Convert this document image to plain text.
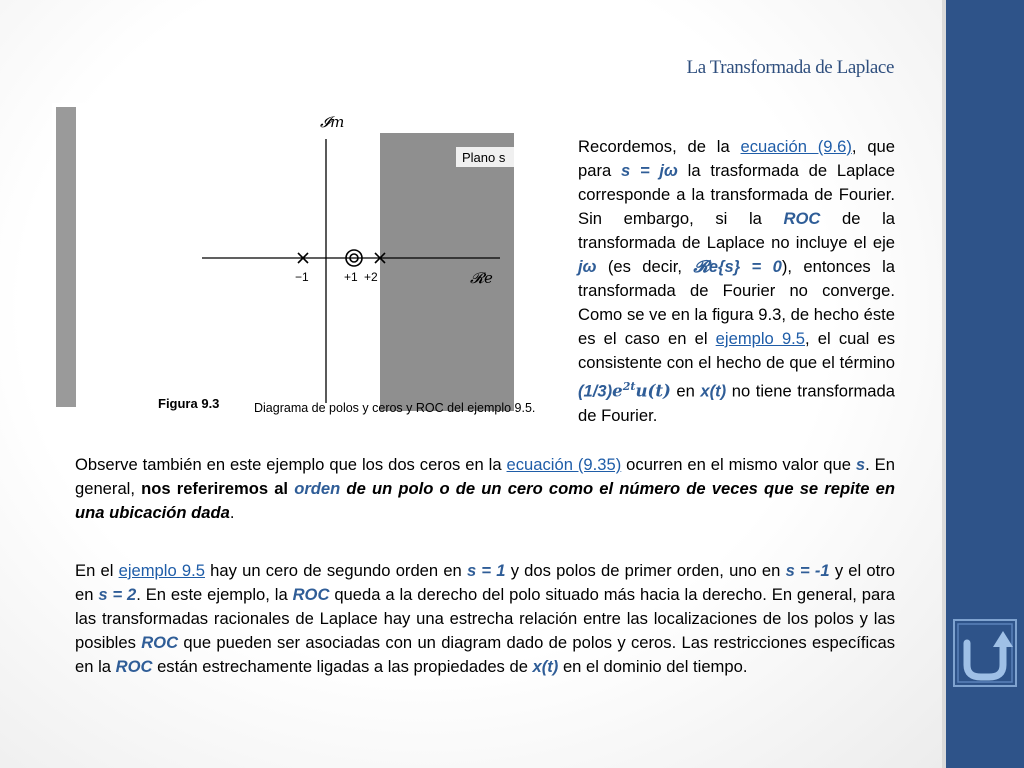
La Transformada de Laplace
Plano s
𝓘m
𝓡e
−1	+1 +2
Figura 9.3	Diagrama de polos y ceros y ROC del ejemplo 9.5.
Recordemos, de la ecuación (9.6), que para s = jω la trasformada de Laplace corresponde a la transformada de Fourier. Sin embargo, si la ROC de la transformada de Laplace no incluye el eje jω (es decir, 𝓡e{s} = 0), entonces la transformada de Fourier no converge. Como se ve en la figura 9.3, de hecho éste es el caso en el ejemplo 9.5, el cual es consistente con el hecho de que el término $(1/3)e^{2t}u(t)$ en x(t) no tiene transformada de Fourier.
Observe también en este ejemplo que los dos ceros en la ecuación (9.35) ocurren en el mismo valor que s. En general, nos referiremos al orden de un polo o de un cero como el número de veces que se repite en una ubicación dada.
En el ejemplo 9.5 hay un cero de segundo orden en s = 1 y dos polos de primer orden, uno en s = -1 y el otro en s = 2. En este ejemplo, la ROC queda a la derecho del polo situado más hacia la derecho. En general, para las transformadas racionales de Laplace hay una estrecha relación entre las localizaciones de los polos y las posibles ROC que pueden ser asociadas con un diagram dado de polos y ceros. Las restricciones específicas en la ROC están estrechamente ligadas a las propiedades de x(t) en el dominio del tiempo.
